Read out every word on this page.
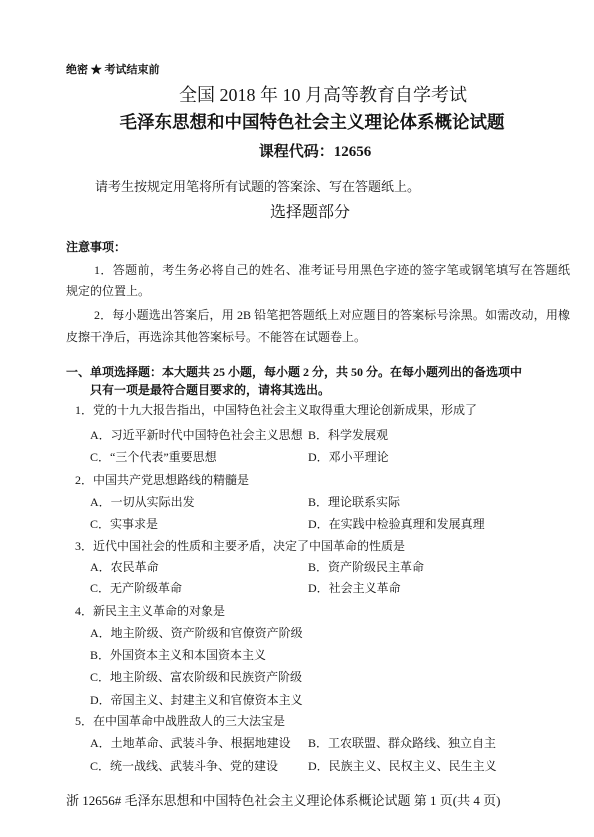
绝密 ★ 考试结束前
全国 2018 年 10 月高等教育自学考试
毛泽东思想和中国特色社会主义理论体系概论试题
课程代码：12656
请考生按规定用笔将所有试题的答案涂、写在答题纸上。
选择题部分
注意事项：
1．答题前，考生务必将自己的姓名、准考证号用黑色字迹的签字笔或钢笔填写在答题纸
规定的位置上。
2．每小题选出答案后，用 2B 铅笔把答题纸上对应题目的答案标号涂黑。如需改动，用橡
皮擦干净后，再选涂其他答案标号。不能答在试题卷上。
一、单项选择题：本大题共 25 小题，每小题 2 分，共 50 分。在每小题列出的备选项中
只有一项是最符合题目要求的，请将其选出。
1．党的十九大报告指出，中国特色社会主义取得重大理论创新成果，形成了
A．习近平新时代中国特色社会主义思想 B．科学发展观
C．“三个代表”重要思想	D．邓小平理论
2．中国共产党思想路线的精髓是
A．一切从实际出发	B．理论联系实际
C．实事求是	D．在实践中检验真理和发展真理
3．近代中国社会的性质和主要矛盾，决定了中国革命的性质是
A．农民革命	B．资产阶级民主革命
C．无产阶级革命	D．社会主义革命
4．新民主主义革命的对象是
A．地主阶级、资产阶级和官僚资产阶级
B．外国资本主义和本国资本主义
C．地主阶级、富农阶级和民族资产阶级
D．帝国主义、封建主义和官僚资本主义
5．在中国革命中战胜敌人的三大法宝是
A．土地革命、武装斗争、根据地建设	B．工农联盟、群众路线、独立自主
C．统一战线、武装斗争、党的建设	D．民族主义、民权主义、民生主义
浙 12656# 毛泽东思想和中国特色社会主义理论体系概论试题 第 1 页(共 4 页)
